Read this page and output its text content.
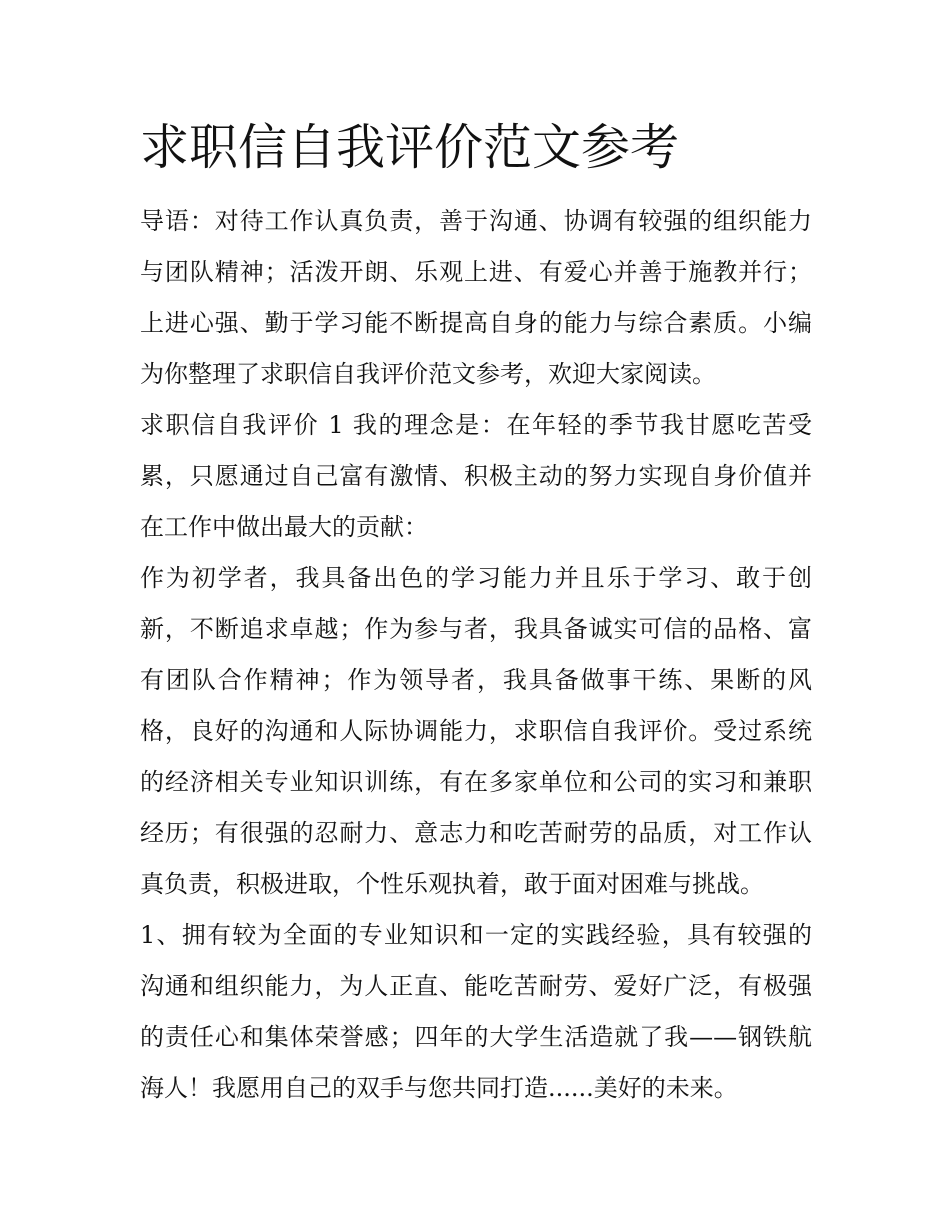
求职信自我评价范文参考
导语：对待工作认真负责，善于沟通、协调有较强的组织能力
与团队精神；活泼开朗、乐观上进、有爱心并善于施教并行；
上进心强、勤于学习能不断提高自身的能力与综合素质。小编
为你整理了求职信自我评价范文参考，欢迎大家阅读。
求职信自我评价 1 我的理念是：在年轻的季节我甘愿吃苦受
累，只愿通过自己富有激情、积极主动的努力实现自身价值并
在工作中做出最大的贡献：
作为初学者，我具备出色的学习能力并且乐于学习、敢于创
新，不断追求卓越；作为参与者，我具备诚实可信的品格、富
有团队合作精神；作为领导者，我具备做事干练、果断的风
格，良好的沟通和人际协调能力，求职信自我评价。受过系统
的经济相关专业知识训练，有在多家单位和公司的实习和兼职
经历；有很强的忍耐力、意志力和吃苦耐劳的品质，对工作认
真负责，积极进取，个性乐观执着，敢于面对困难与挑战。
1、拥有较为全面的专业知识和一定的实践经验，具有较强的
沟通和组织能力，为人正直、能吃苦耐劳、爱好广泛，有极强
的责任心和集体荣誉感；四年的大学生活造就了我——钢铁航
海人！我愿用自己的双手与您共同打造......美好的未来。
